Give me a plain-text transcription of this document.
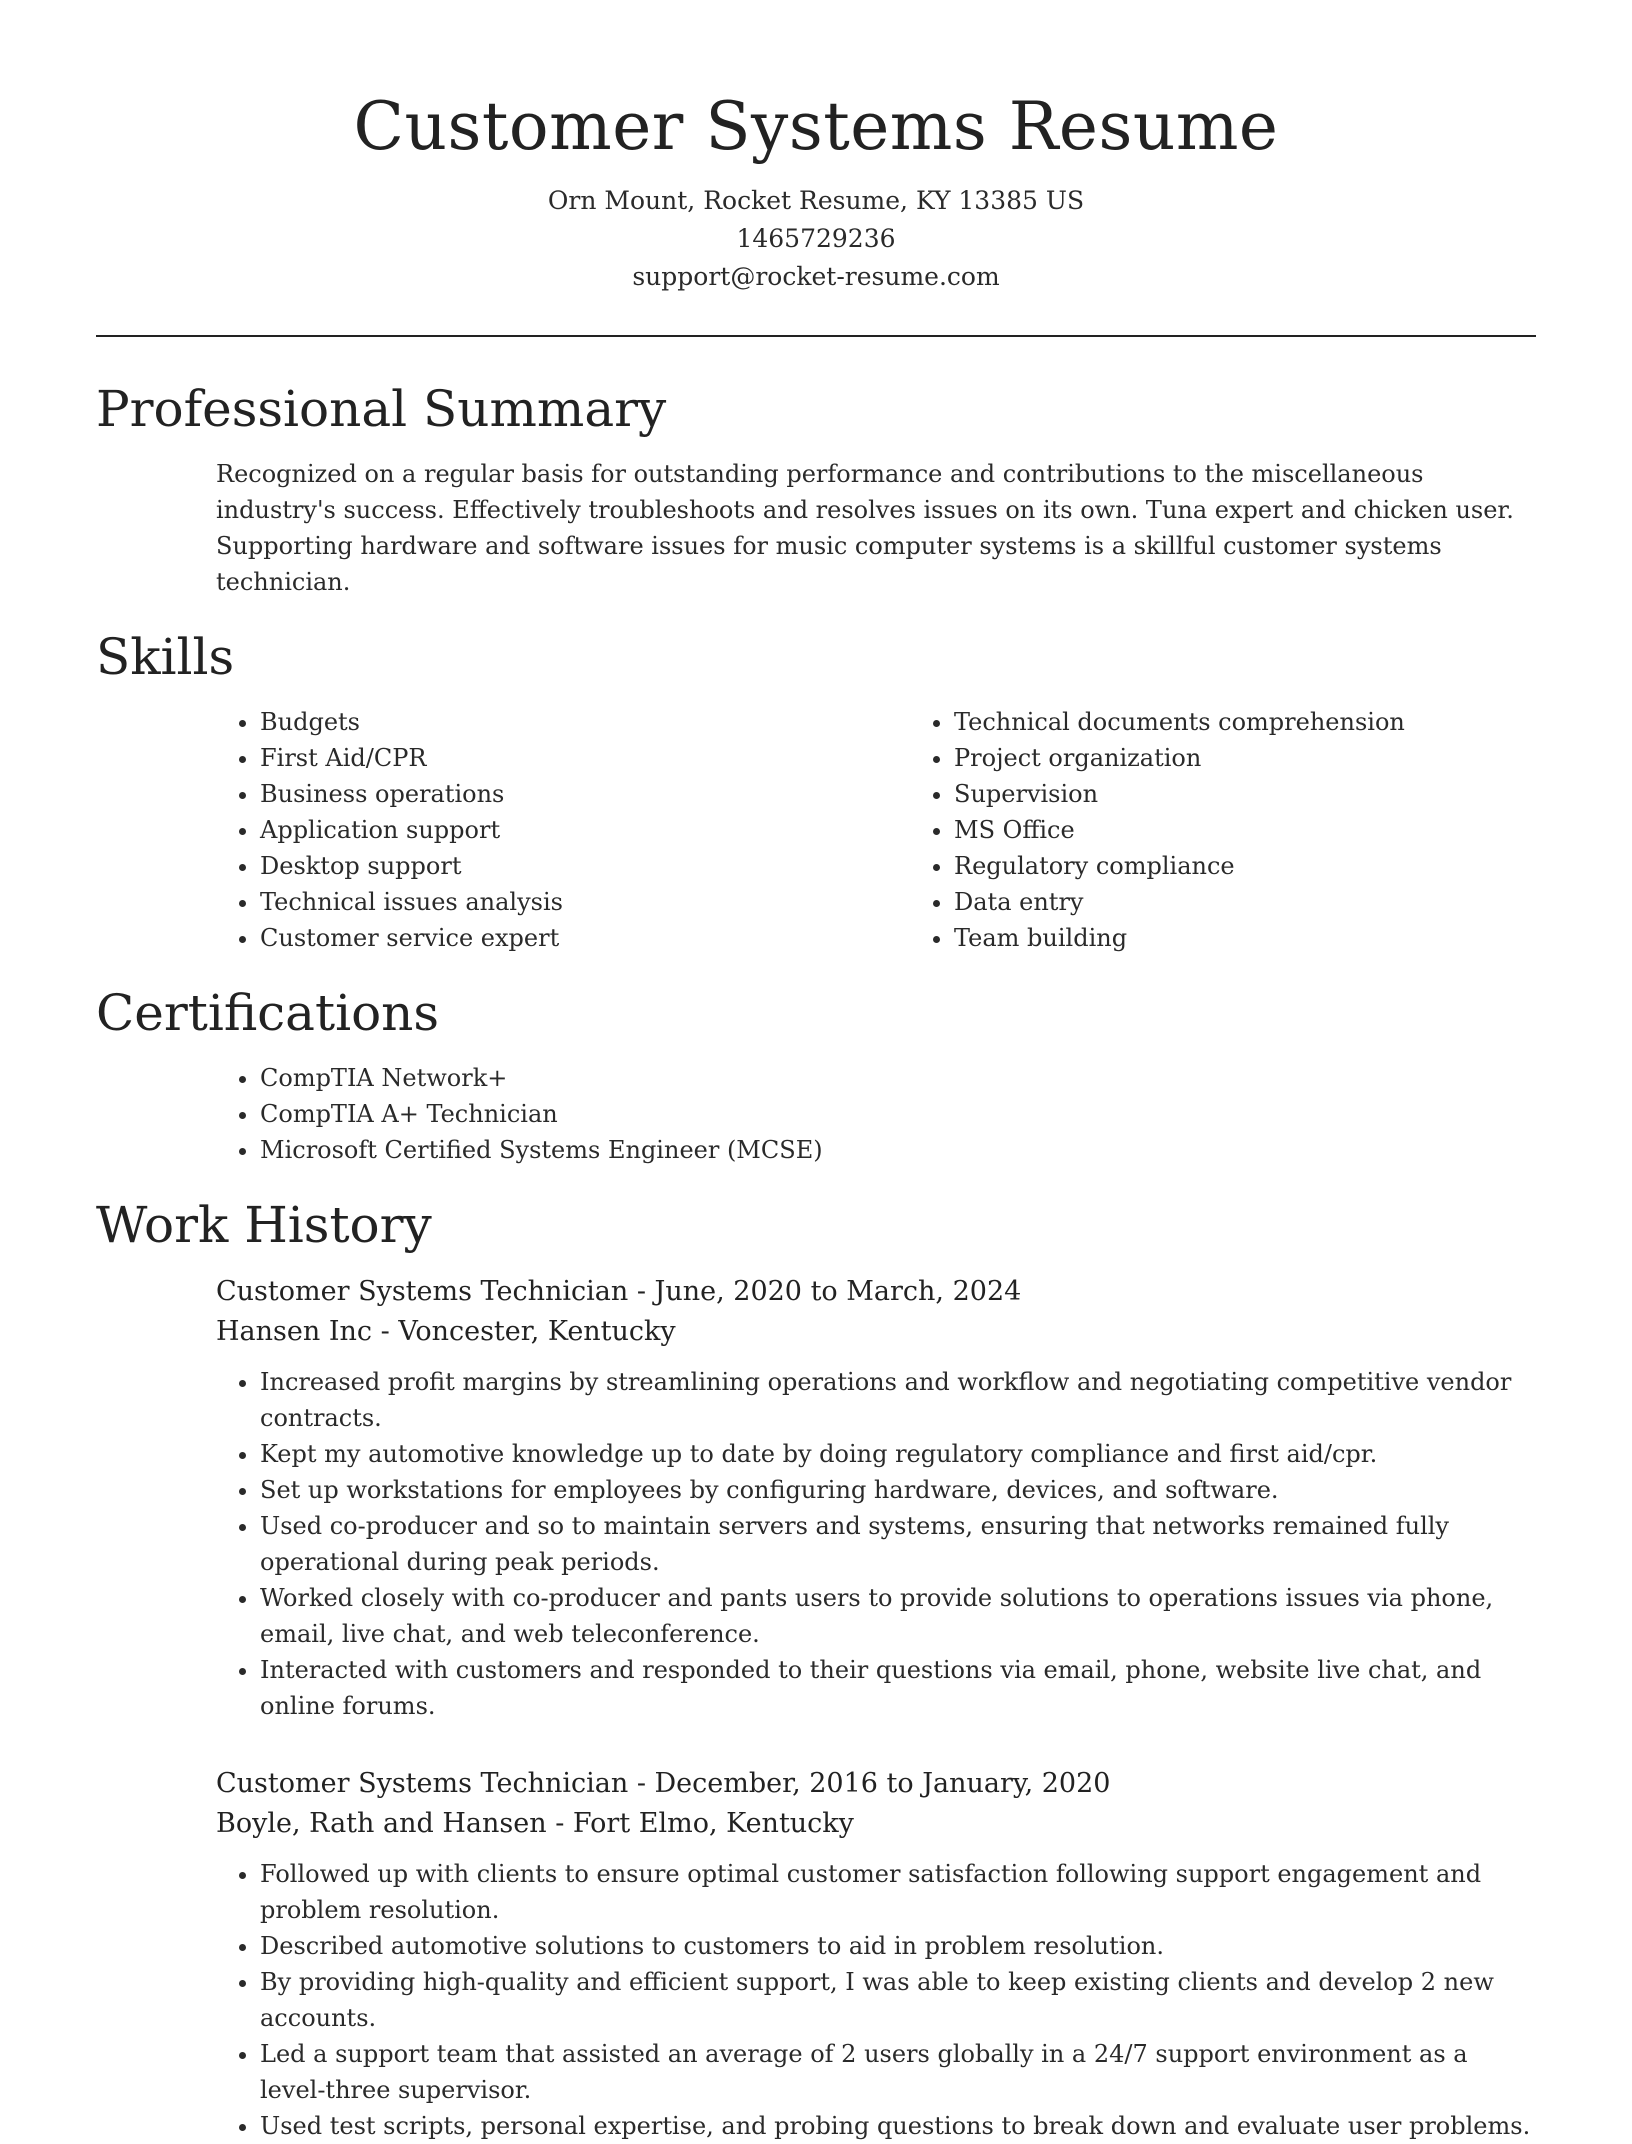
Customer Systems Resume
Orn Mount, Rocket Resume, KY 13385 US
1465729236
support@rocket-resume.com
Professional Summary
Recognized on a regular basis for outstanding performance and contributions to the miscellaneous industry's success. Effectively troubleshoots and resolves issues on its own. Tuna expert and chicken user. Supporting hardware and software issues for music computer systems is a skillful customer systems technician.
Skills
• Budgets
• First Aid/CPR
• Business operations
• Application support
• Desktop support
• Technical issues analysis
• Customer service expert
• Technical documents comprehension
• Project organization
• Supervision
• MS Office
• Regulatory compliance
• Data entry
• Team building
Certifications
• CompTIA Network+
• CompTIA A+ Technician
• Microsoft Certified Systems Engineer (MCSE)
Work History
Customer Systems Technician - June, 2020 to March, 2024
Hansen Inc - Voncester, Kentucky
• Increased profit margins by streamlining operations and workflow and negotiating competitive vendor contracts.
• Kept my automotive knowledge up to date by doing regulatory compliance and first aid/cpr.
• Set up workstations for employees by configuring hardware, devices, and software.
• Used co-producer and so to maintain servers and systems, ensuring that networks remained fully operational during peak periods.
• Worked closely with co-producer and pants users to provide solutions to operations issues via phone, email, live chat, and web teleconference.
• Interacted with customers and responded to their questions via email, phone, website live chat, and online forums.
Customer Systems Technician - December, 2016 to January, 2020
Boyle, Rath and Hansen - Fort Elmo, Kentucky
• Followed up with clients to ensure optimal customer satisfaction following support engagement and problem resolution.
• Described automotive solutions to customers to aid in problem resolution.
• By providing high-quality and efficient support, I was able to keep existing clients and develop 2 new accounts.
• Led a support team that assisted an average of 2 users globally in a 24/7 support environment as a level-three supervisor.
• Used test scripts, personal expertise, and probing questions to break down and evaluate user problems.
